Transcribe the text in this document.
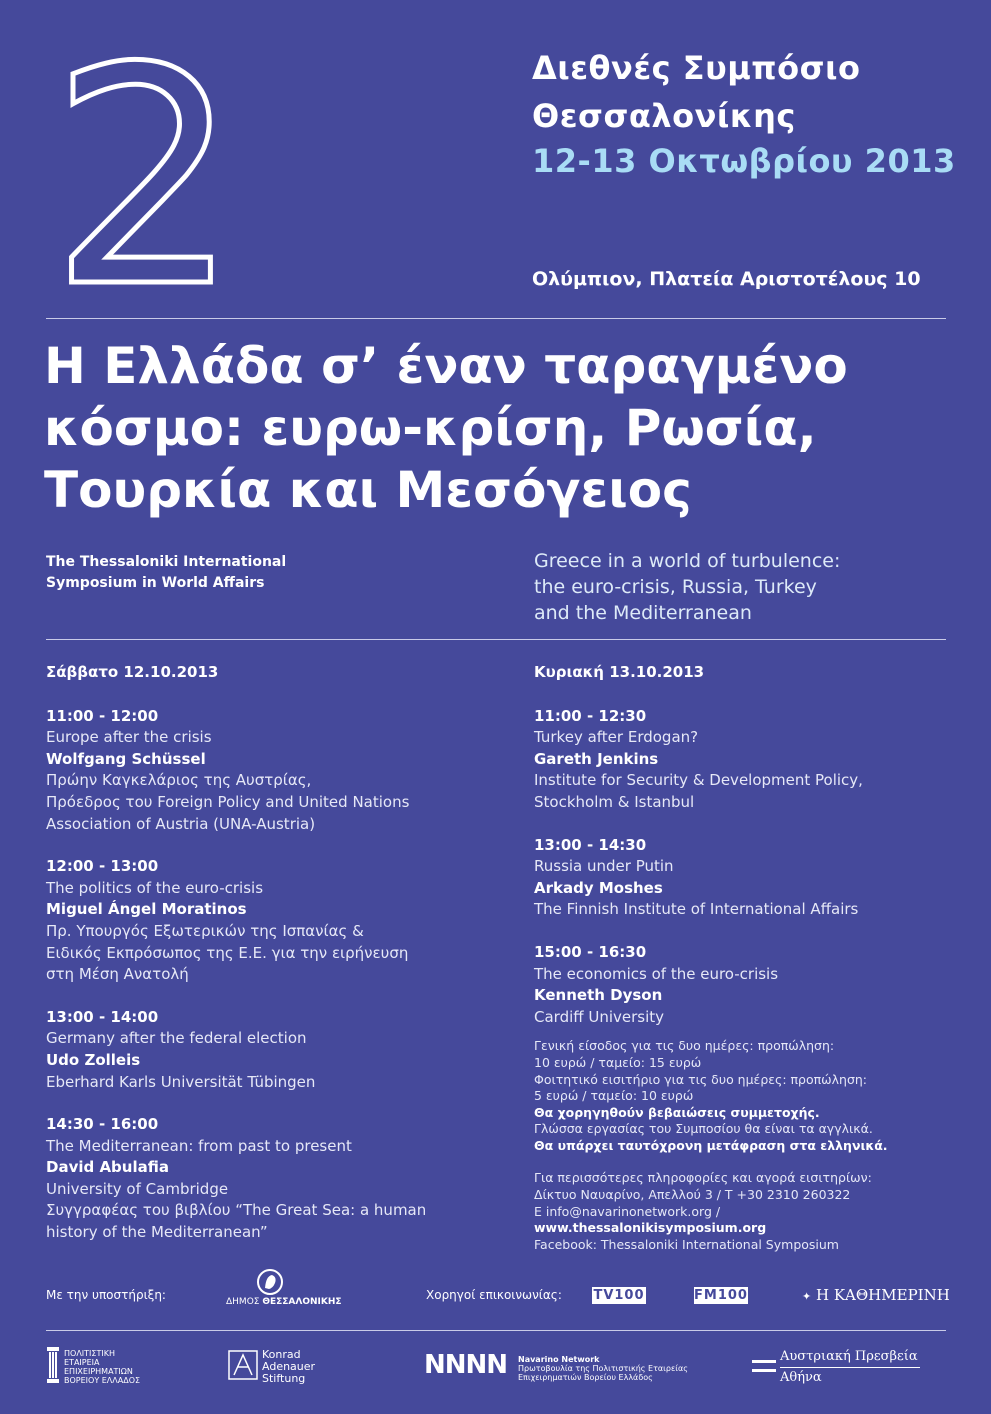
2	Διεθνές Συμπόσιο
Θεσσαλονίκης
12-13 Οκτωβρίου 2013
Ολύμπιον, Πλατεία Αριστοτέλους 10
Η Ελλάδα σ’ έναν ταραγμένο
κόσμο: ευρω-κρίση, Ρωσία,
Τουρκία και Μεσόγειος
The Thessaloniki International
Symposium in World Affairs
Greece in a world of turbulence:
the euro-crisis, Russia, Turkey
and the Mediterranean
Σάββατο 12.10.2013
11:00 - 12:00
Europe after the crisis
Wolfgang Schüssel
Πρώην Καγκελάριος της Αυστρίας,
Πρόεδρος του Foreign Policy and United Nations
Association of Austria (UNA-Austria)
12:00 - 13:00
The politics of the euro-crisis
Miguel Ángel Moratinos
Πρ. Υπουργός Εξωτερικών της Ισπανίας &
Ειδικός Εκπρόσωπος της Ε.Ε. για την ειρήνευση
στη Μέση Ανατολή
13:00 - 14:00
Germany after the federal election
Udo Zolleis
Eberhard Karls Universität Tübingen
14:30 - 16:00
The Mediterranean: from past to present
David Abulafia
University of Cambridge
Συγγραφέας του βιβλίου “The Great Sea: a human
history of the Mediterranean”
Κυριακή 13.10.2013
11:00 - 12:30
Turkey after Erdogan?
Gareth Jenkins
Institute for Security & Development Policy,
Stockholm & Istanbul
13:00 - 14:30
Russia under Putin
Arkady Moshes
The Finnish Institute of International Affairs
15:00 - 16:30
The economics of the euro-crisis
Kenneth Dyson
Cardiff University
Γενική είσοδος για τις δυο ημέρες: προπώληση:
10 ευρώ / ταμείο: 15 ευρώ
Φοιτητικό εισιτήριο για τις δυο ημέρες: προπώληση:
5 ευρώ / ταμείο: 10 ευρώ
Θα χορηγηθούν βεβαιώσεις συμμετοχής.
Γλώσσα εργασίας του Συμποσίου θα είναι τα αγγλικά.
Θα υπάρχει ταυτόχρονη μετάφραση στα ελληνικά.
Για περισσότερες πληροφορίες και αγορά εισιτηρίων:
Δίκτυο Ναυαρίνο, Απελλού 3 / T +30 2310 260322
E info@navarinonetwork.org / www.thessalonikisymposium.org
Facebook: Thessaloniki International Symposium
Με την υποστήριξη:	ΔΗΜΟΣ ΘΕΣΣΑΛΟΝΙΚΗΣ	Χορηγοί επικοινωνίας: TV100	FM100	✦ Η ΚΑΘΗΜΕΡΙΝΗ
ΠΟΛΙΤΙΣΤΙΚΗ
ΕΤΑΙΡΕΙΑ
ΕΠΙΧΕΙΡΗΜΑΤΙΩΝ
ΒΟΡΕΙΟΥ ΕΛΛΑΔΟΣ
Konrad
Adenauer
Stiftung	NNNN Navarino Network
Πρωτοβουλία της Πολιτιστικής Εταιρείας
Επιχειρηματιών Βορείου Ελλάδος
Αυστριακή Πρεσβεία
Αθήνα
